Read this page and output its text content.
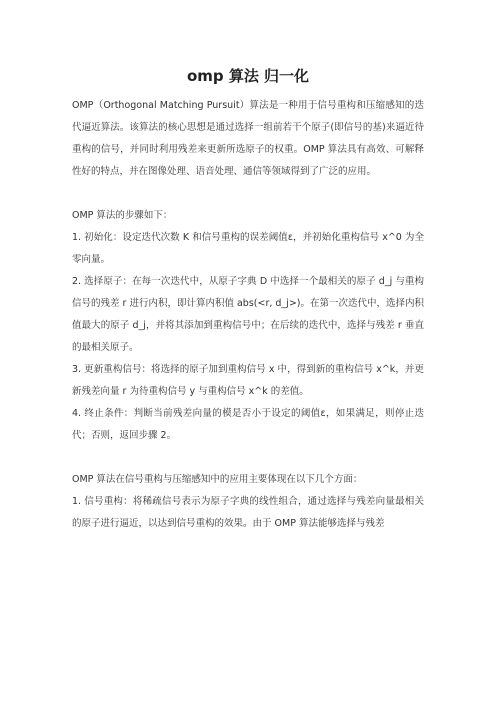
omp 算法 归一化

OMP（Orthogonal Matching Pursuit）算法是一种用于信号重构和压缩感知的迭代逼近算法。该算法的核心思想是通过选择一组前若干个原子(即信号的基)来逼近待重构的信号，并同时利用残差来更新所选原子的权重。OMP 算法具有高效、可解释性好的特点，并在图像处理、语音处理、通信等领域得到了广泛的应用。

OMP 算法的步骤如下：

1. 初始化：设定迭代次数 K 和信号重构的误差阈值ε，并初始化重构信号 x^0 为全零向量。

2. 选择原子：在每一次迭代中，从原子字典 D 中选择一个最相关的原子 d_j 与重构信号的残差 r 进行内积，即计算内积值 abs(<r, d_j>)。在第一次迭代中，选择内积值最大的原子 d_j，并将其添加到重构信号中；在后续的迭代中，选择与残差 r 垂直的最相关原子。

3. 更新重构信号：将选择的原子加到重构信号 x 中，得到新的重构信号 x^k，并更新残差向量 r 为待重构信号 y 与重构信号 x^k 的差值。

4. 终止条件：判断当前残差向量的模是否小于设定的阈值ε，如果满足，则停止迭代；否则，返回步骤 2。

OMP 算法在信号重构与压缩感知中的应用主要体现在以下几个方面：

1. 信号重构：将稀疏信号表示为原子字典的线性组合，通过选择与残差向量最相关的原子进行逼近，以达到信号重构的效果。由于 OMP 算法能够选择与残差
